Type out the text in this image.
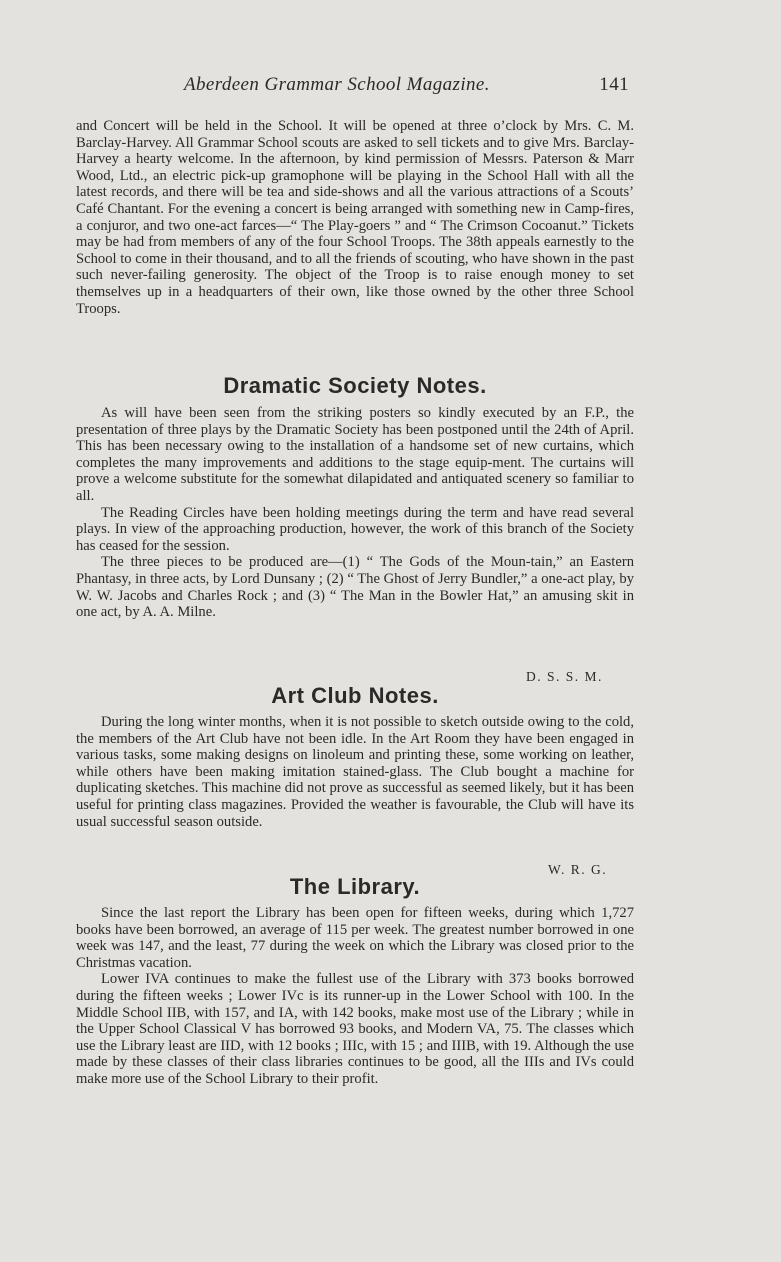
Aberdeen Grammar School Magazine.	141

and Concert will be held in the School. It will be opened at three o’clock by Mrs. C. M. Barclay-Harvey. All Grammar School scouts are asked to sell tickets and to give Mrs. Barclay-Harvey a hearty welcome. In the afternoon, by kind permission of Messrs. Paterson & Marr Wood, Ltd., an electric pick-up gramophone will be playing in the School Hall with all the latest records, and there will be tea and side-shows and all the various attractions of a Scouts’ Café Chantant. For the evening a concert is being arranged with something new in Camp-fires, a conjuror, and two one-act farces—“ The Play-goers ” and “ The Crimson Cocoanut.” Tickets may be had from members of any of the four School Troops. The 38th appeals earnestly to the School to come in their thousand, and to all the friends of scouting, who have shown in the past such never-failing generosity. The object of the Troop is to raise enough money to set themselves up in a headquarters of their own, like those owned by the other three School Troops.

Dramatic Society Notes.

As will have been seen from the striking posters so kindly executed by an F.P., the presentation of three plays by the Dramatic Society has been postponed until the 24th of April. This has been necessary owing to the installation of a handsome set of new curtains, which completes the many improvements and additions to the stage equip-ment. The curtains will prove a welcome substitute for the somewhat dilapidated and antiquated scenery so familiar to all.

The Reading Circles have been holding meetings during the term and have read several plays. In view of the approaching production, however, the work of this branch of the Society has ceased for the session.

The three pieces to be produced are—(1) “ The Gods of the Moun-tain,” an Eastern Phantasy, in three acts, by Lord Dunsany ; (2) “ The Ghost of Jerry Bundler,” a one-act play, by W. W. Jacobs and Charles Rock ; and (3) “ The Man in the Bowler Hat,” an amusing skit in one act, by A. A. Milne.

D. S. S. M.
Art Club Notes.

During the long winter months, when it is not possible to sketch outside owing to the cold, the members of the Art Club have not been idle. In the Art Room they have been engaged in various tasks, some making designs on linoleum and printing these, some working on leather, while others have been making imitation stained-glass. The Club bought a machine for duplicating sketches. This machine did not prove as successful as seemed likely, but it has been useful for printing class magazines. Provided the weather is favourable, the Club will have its usual successful season outside.

W. R. G.
The Library.

Since the last report the Library has been open for fifteen weeks, during which 1,727 books have been borrowed, an average of 115 per week. The greatest number borrowed in one week was 147, and the least, 77 during the week on which the Library was closed prior to the Christmas vacation.

Lower IVA continues to make the fullest use of the Library with 373 books borrowed during the fifteen weeks ; Lower IVc is its runner-up in the Lower School with 100. In the Middle School IIB, with 157, and IA, with 142 books, make most use of the Library ; while in the Upper School Classical V has borrowed 93 books, and Modern VA, 75. The classes which use the Library least are IID, with 12 books ; IIIc, with 15 ; and IIIB, with 19. Although the use made by these classes of their class libraries continues to be good, all the IIIs and IVs could make more use of the School Library to their profit.
